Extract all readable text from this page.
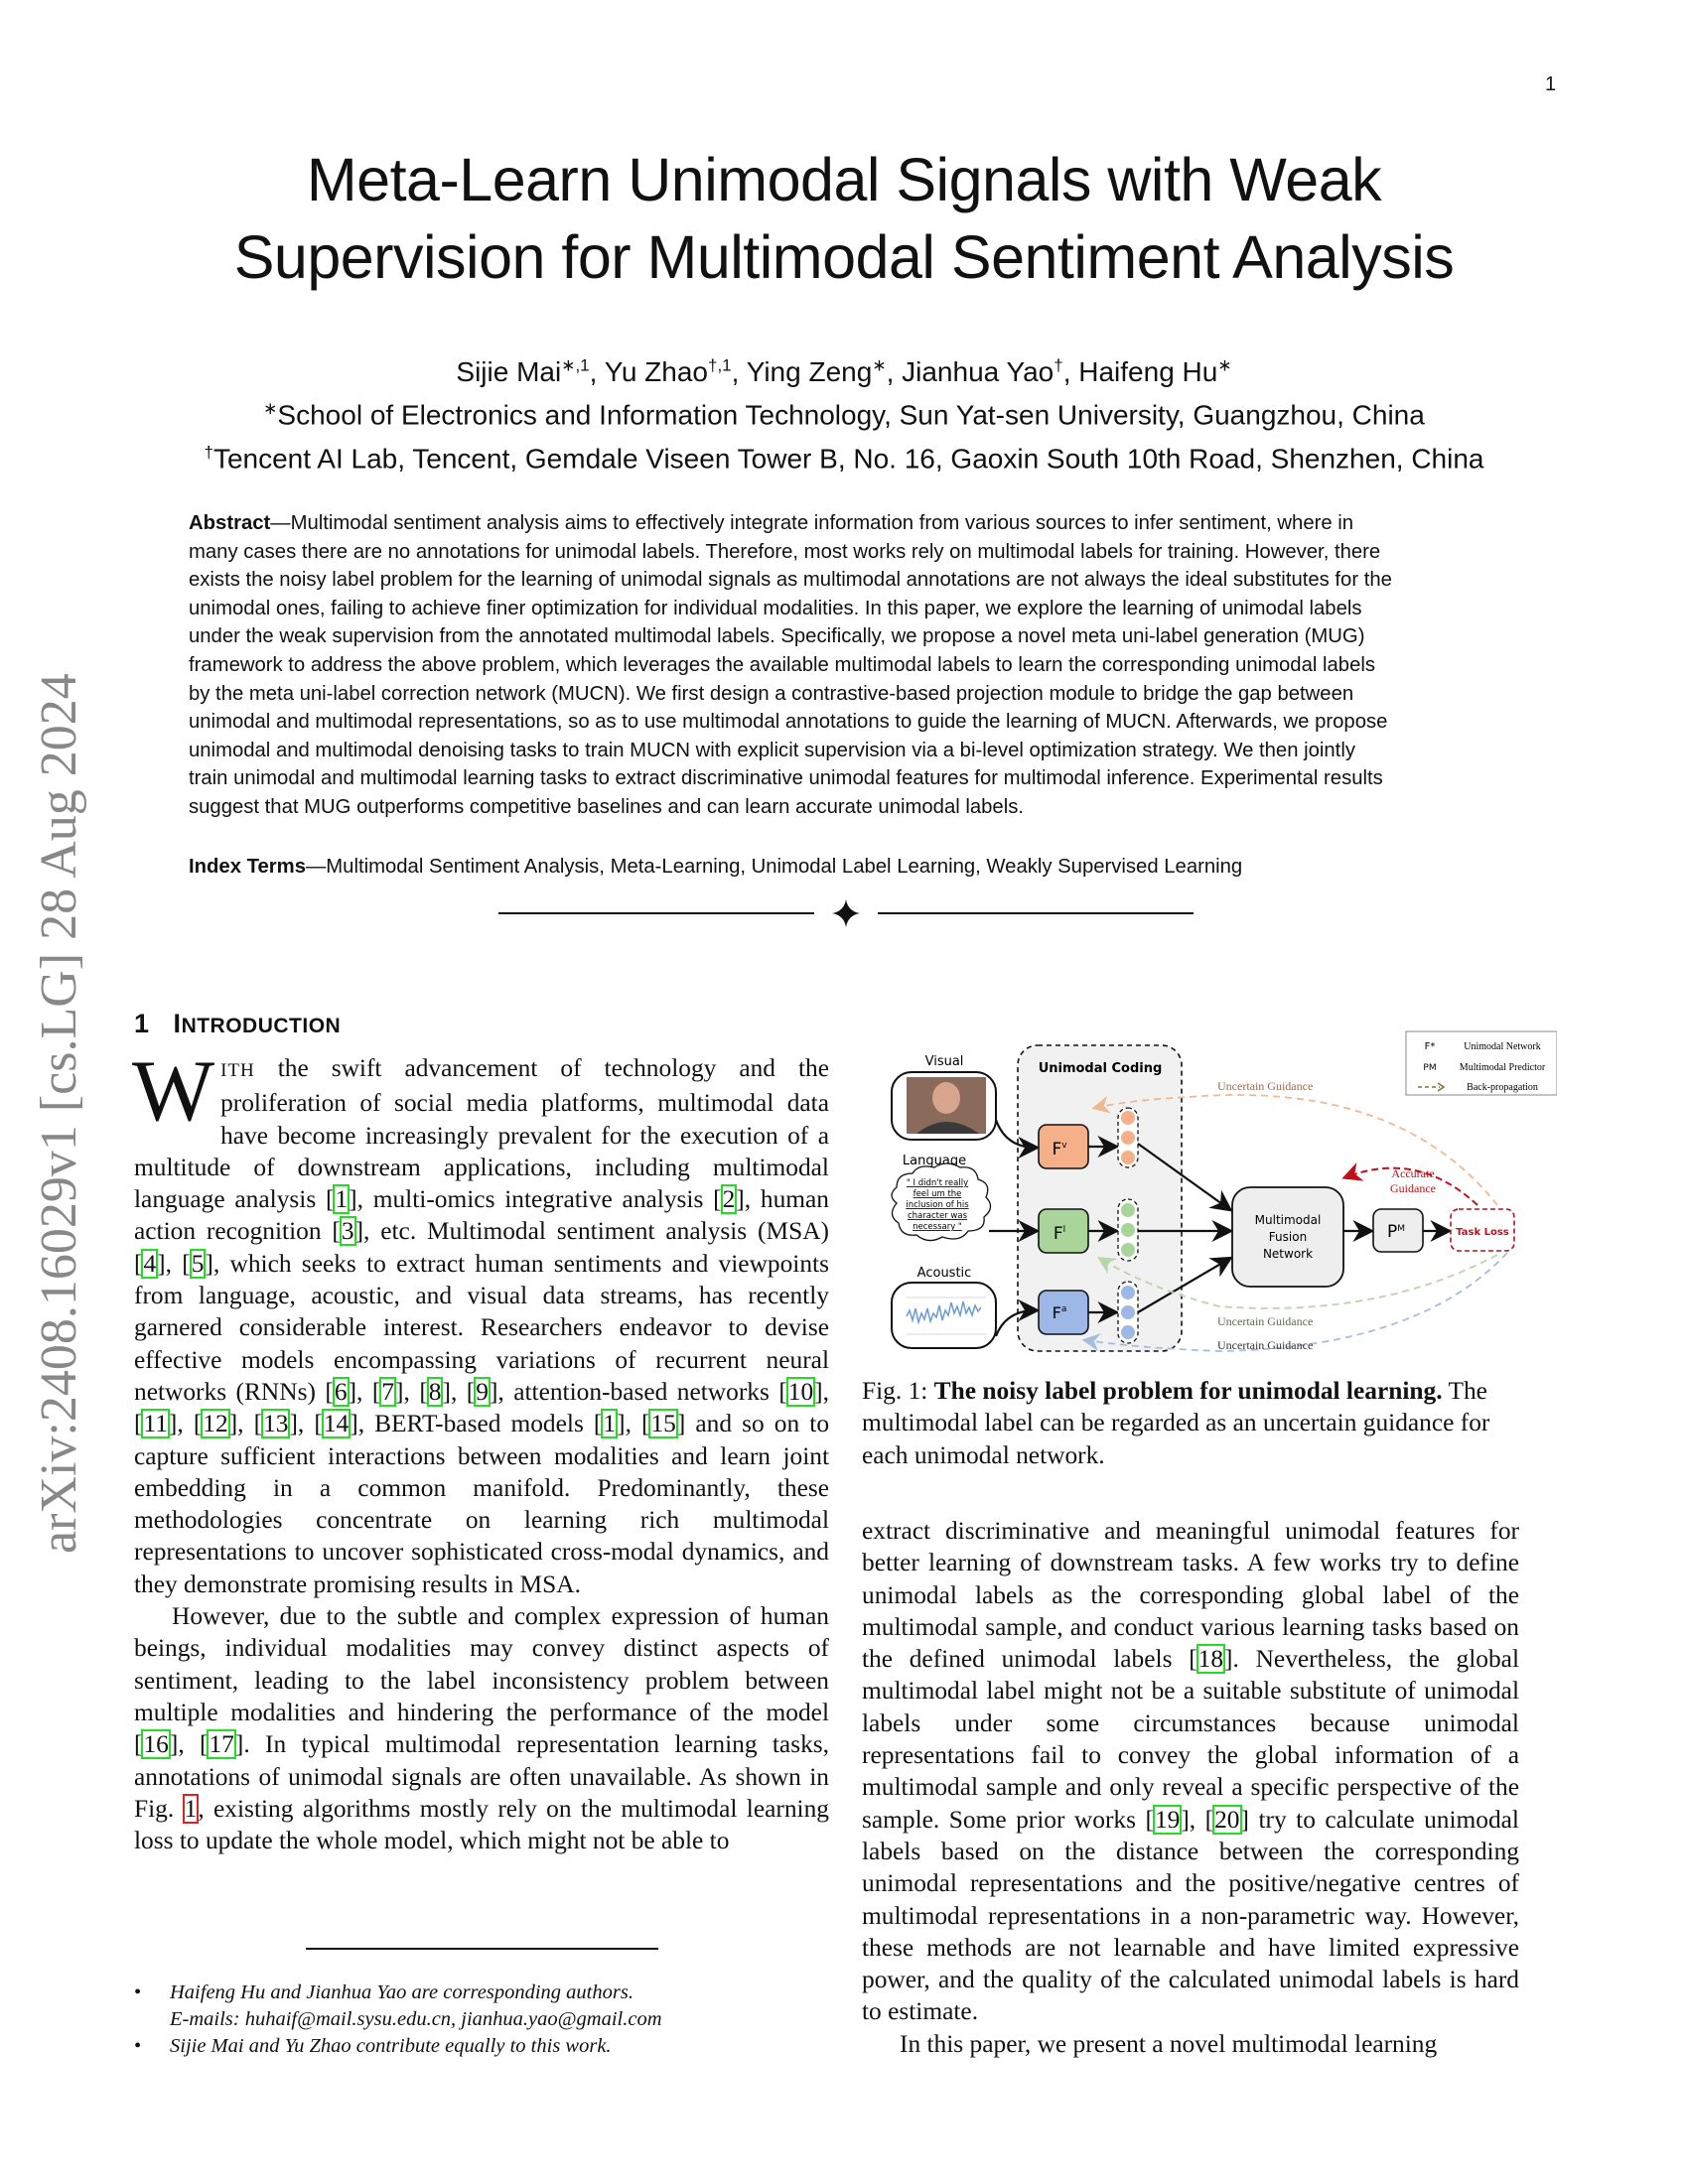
1
arXiv:2408.16029v1 [cs.LG] 28 Aug 2024
Meta-Learn Unimodal Signals with Weak
Supervision for Multimodal Sentiment Analysis
Sijie Mai$^{∗,1}$, Yu Zhao$^{\dagger,1}$, Ying Zeng∗, Jianhua Yao†, Haifeng Hu∗
∗School of Electronics and Information Technology, Sun Yat-sen University, Guangzhou, China
†Tencent AI Lab, Tencent, Gemdale Viseen Tower B, No. 16, Gaoxin South 10th Road, Shenzhen, China
Abstract—Multimodal sentiment analysis aims to effectively integrate information from various sources to infer sentiment, where in
many cases there are no annotations for unimodal labels. Therefore, most works rely on multimodal labels for training. However, there
exists the noisy label problem for the learning of unimodal signals as multimodal annotations are not always the ideal substitutes for the
unimodal ones, failing to achieve finer optimization for individual modalities. In this paper, we explore the learning of unimodal labels
under the weak supervision from the annotated multimodal labels. Specifically, we propose a novel meta uni-label generation (MUG)
framework to address the above problem, which leverages the available multimodal labels to learn the corresponding unimodal labels
by the meta uni-label correction network (MUCN). We first design a contrastive-based projection module to bridge the gap between
unimodal and multimodal representations, so as to use multimodal annotations to guide the learning of MUCN. Afterwards, we propose
unimodal and multimodal denoising tasks to train MUCN with explicit supervision via a bi-level optimization strategy. We then jointly
train unimodal and multimodal learning tasks to extract discriminative unimodal features for multimodal inference. Experimental results
suggest that MUG outperforms competitive baselines and can learn accurate unimodal labels.
Index Terms—Multimodal Sentiment Analysis, Meta-Learning, Unimodal Label Learning, Weakly Supervised Learning
1 INTRODUCTION

WITH the swift advancement of technology and the proliferation of social media platforms, multimodal data have become increasingly prevalent for the execution of a multitude of downstream applications, including multimodal language analysis [1], multi-omics integrative analysis [2], human action recognition [3], etc. Multimodal sentiment analysis (MSA) [4], [5], which seeks to extract human sentiments and viewpoints from language, acoustic, and visual data streams, has recently garnered considerable interest. Researchers endeavor to devise effective models encompassing variations of recurrent neural networks (RNNs) [6], [7], [8], [9], attention-based networks [10], [11], [12], [13], [14], BERT-based models [1], [15] and so on to capture sufficient interactions between modalities and learn joint embedding in a common manifold. Predominantly, these methodologies concentrate on learning rich multimodal representations to uncover sophisticated cross-modal dynamics, and they demonstrate promising results in MSA.

However, due to the subtle and complex expression of human beings, individual modalities may convey distinct aspects of sentiment, leading to the label inconsistency problem between multiple modalities and hindering the performance of the model [16], [17]. In typical multimodal representation learning tasks, annotations of unimodal signals are often unavailable. As shown in Fig. 1, existing algorithms mostly rely on the multimodal learning loss to update the whole model, which might not be able to

• Haifeng Hu and Jianhua Yao are corresponding authors.
E-mails: huhaif@mail.sysu.edu.cn, jianhua.yao@gmail.com
• Sijie Mai and Yu Zhao contribute equally to this work.
Unimodal Coding
Visual
Language
" I didn't really
feel um the
inclusion of his
character was
necessary "
Acoustic
$F^v$
$F^l$
$F^a$
Multimodal
Fusion
Network
$P^M$	Task Loss
Accurate
Guidance
Uncertain Guidance
Uncertain Guidance
Uncertain Guidance
F*	Unimodal Network
PM Multimodal Predictor
Back-propagation
Fig. 1: The noisy label problem for unimodal learning. The multimodal label can be regarded as an uncertain guidance for each unimodal network.

extract discriminative and meaningful unimodal features for better learning of downstream tasks. A few works try to define unimodal labels as the corresponding global label of the multimodal sample, and conduct various learning tasks based on the defined unimodal labels [18]. Nevertheless, the global multimodal label might not be a suitable substitute of unimodal labels under some circumstances because unimodal representations fail to convey the global information of a multimodal sample and only reveal a specific perspective of the sample. Some prior works [19], [20] try to calculate unimodal labels based on the distance between the corresponding unimodal representations and the positive/negative centres of multimodal representations in a non-parametric way. However, these methods are not learnable and have limited expressive power, and the quality of the calculated unimodal labels is hard to estimate.

In this paper, we present a novel multimodal learning
